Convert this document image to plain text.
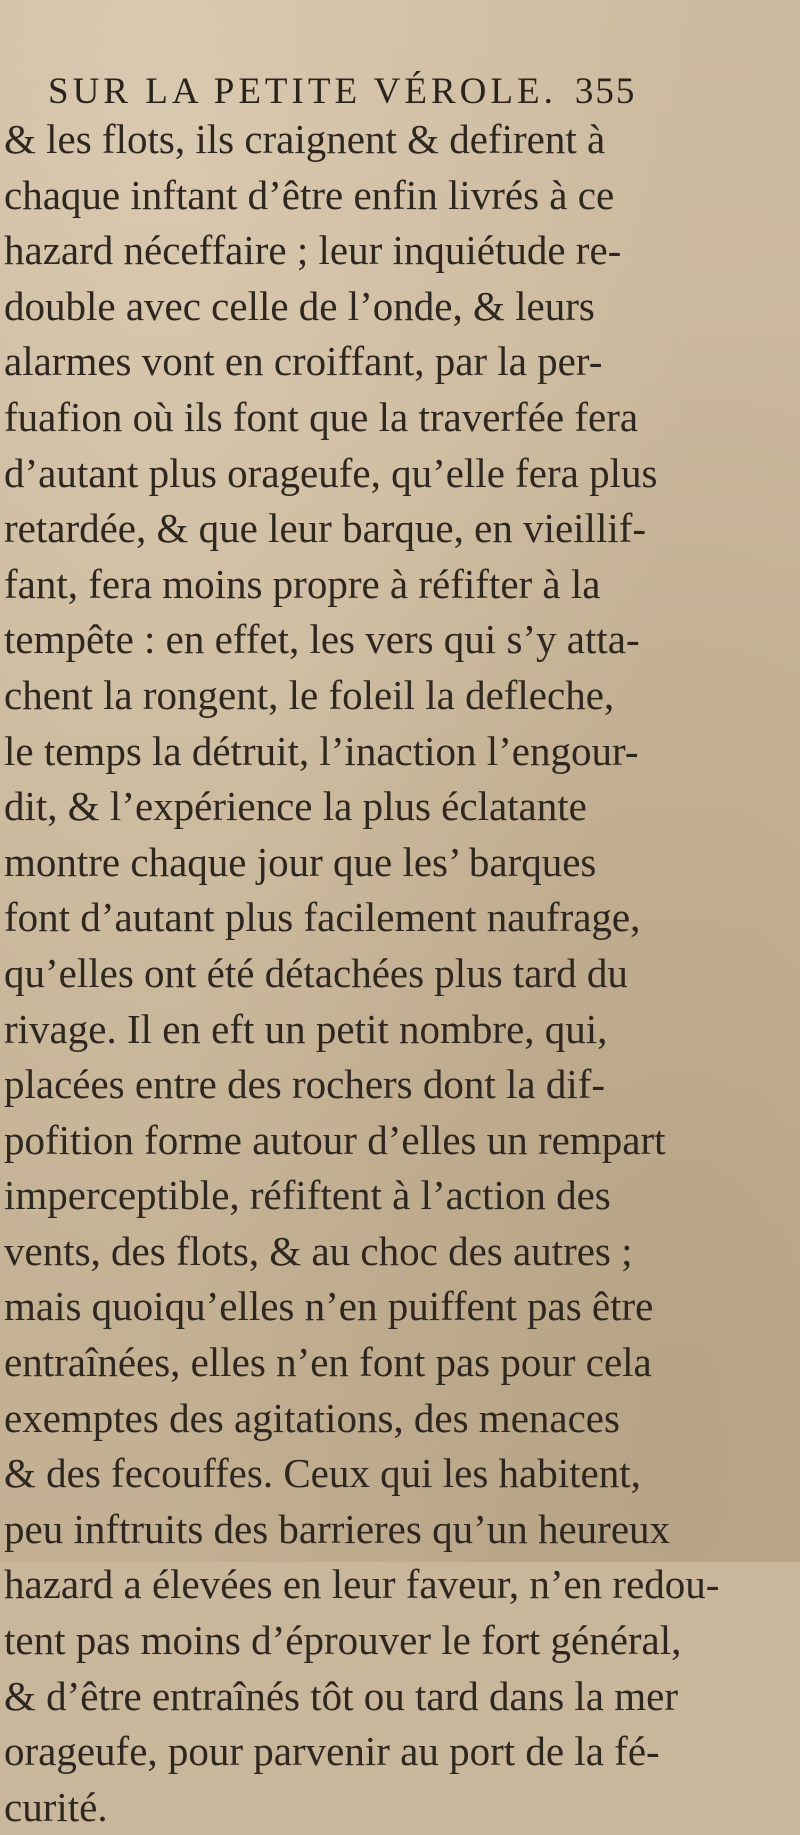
SUR LA PETITE VÉROLE. 355
& les flots, ils craignent & defirent à
chaque inftant d’être enfin livrés à ce
hazard néceffaire ; leur inquiétude re-
double avec celle de l’onde, & leurs
alarmes vont en croiffant, par la per-
fuafion où ils font que la traverfée fera
d’autant plus orageufe, qu’elle fera plus
retardée, & que leur barque, en vieillif-
fant, fera moins propre à réfifter à la
tempête : en effet, les vers qui s’y atta-
chent la rongent, le foleil la defleche,
le temps la détruit, l’inaction l’engour-
dit, & l’expérience la plus éclatante
montre chaque jour que les’ barques
font d’autant plus facilement naufrage,
qu’elles ont été détachées plus tard du
rivage. Il en eft un petit nombre, qui,
placées entre des rochers dont la dif-
pofition forme autour d’elles un rempart
imperceptible, réfiftent à l’action des
vents, des flots, & au choc des autres ;
mais quoiqu’elles n’en puiffent pas être
entraînées, elles n’en font pas pour cela
exemptes des agitations, des menaces
& des fecouffes. Ceux qui les habitent,
peu inftruits des barrieres qu’un heureux
hazard a élevées en leur faveur, n’en redou-
tent pas moins d’éprouver le fort général,
& d’être entraînés tôt ou tard dans la mer
orageufe, pour parvenir au port de la fé-
curité.
